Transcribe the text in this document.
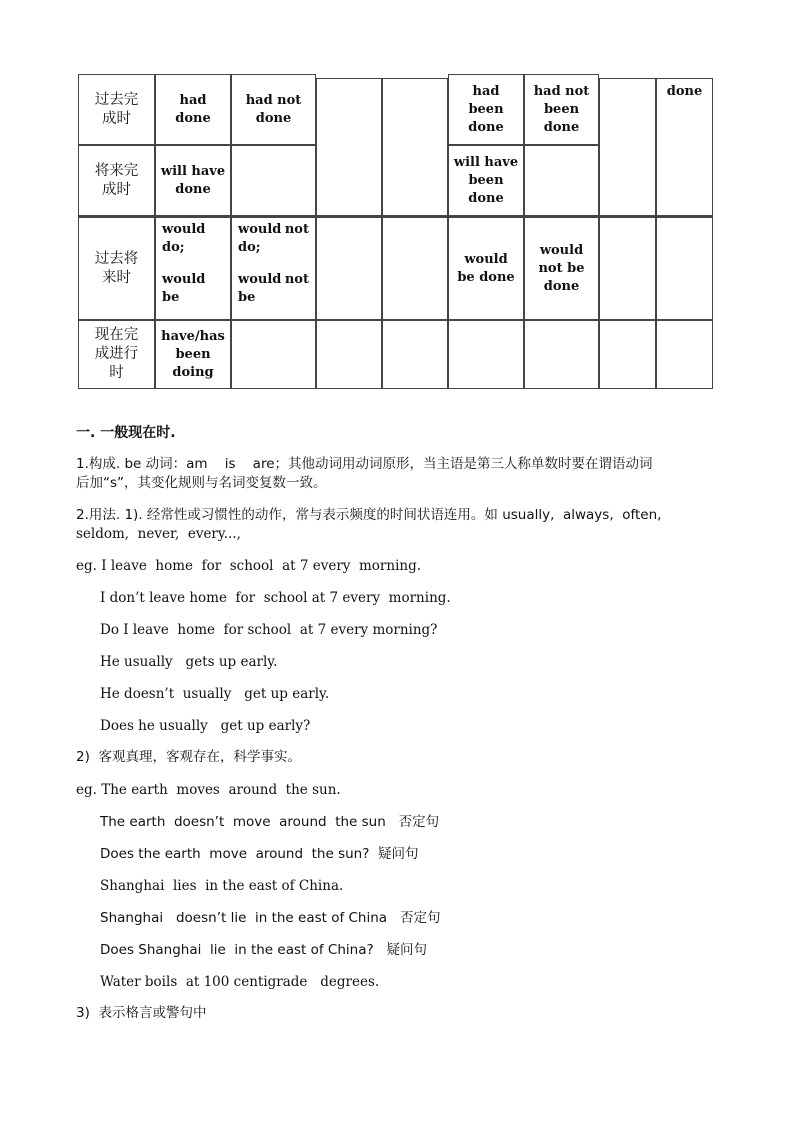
过去完
成时
had
done
had not
done
had
been
done
had not
been
done
done
将来完
成时
will have
done
will have
been
done
过去将
来时
would
do;
would
be
would not
do;
would not
be
would
be done
would
not be
done
现在完
成进行
时
have/has
been
doing
一. 一般现在时.
1.构成. be 动词：am    is    are；其他动词用动词原形，当主语是第三人称单数时要在谓语动词
后加“s”，其变化规则与名词变复数一致。
2.用法. 1). 经常性或习惯性的动作，常与表示频度的时间状语连用。如 usually,  always,  often,
seldom,  never,  every...,
eg. I leave  home  for  school  at 7 every  morning.
I don’t leave home  for  school at 7 every  morning.
Do I leave  home  for school  at 7 every morning?
He usually   gets up early.
He doesn’t  usually   get up early.
Does he usually   get up early?
2)  客观真理，客观存在，科学事实。
eg. The earth  moves  around  the sun.
The earth  doesn’t  move  around  the sun   否定句
Does the earth  move  around  the sun?  疑问句
Shanghai  lies  in the east of China.
Shanghai   doesn’t lie  in the east of China   否定句
Does Shanghai  lie  in the east of China?   疑问句
Water boils  at 100 centigrade   degrees.
3)  表示格言或警句中
